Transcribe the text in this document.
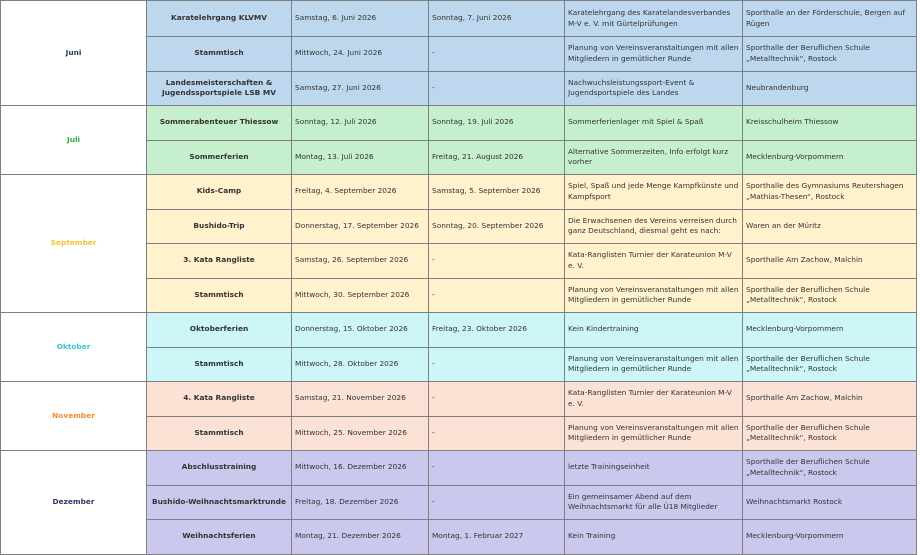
Juni	Karatelehrgang KLVMV	Samstag, 6. Juni 2026	Sonntag, 7. Juni 2026	Karatelehrgang des Karatelandesverbandes M-V e. V. mit Gürtelprüfungen	Sporthalle an der Förderschule, Bergen auf Rügen
	Stammtisch	Mittwoch, 24. Juni 2026	-	Planung von Vereinsveranstaltungen mit allen Mitgliedern in gemütlicher Runde	Sporthalle der Beruflichen Schule „Metalltechnik“, Rostock
	Landesmeisterschaften & Jugendssportspiele LSB MV	Samstag, 27. Juni 2026	-	Nachwuchsleistungssport-Event & Jugendsportspiele des Landes	Neubrandenburg
Juli	Sommerabenteuer Thiessow	Sonntag, 12. Juli 2026	Sonntag, 19. Juli 2026	Sommerferienlager mit Spiel & Spaß	Kreisschulheim Thiessow
	Sommerferien	Montag, 13. Juli 2026	Freitag, 21. August 2026	Alternative Sommerzeiten, Info erfolgt kurz vorher	Mecklenburg-Vorpommern
September	Kids-Camp	Freitag, 4. September 2026	Samstag, 5. September 2026	Spiel, Spaß und jede Menge Kampfkünste und Kampfsport	Sporthalle des Gymnasiums Reutershagen „Mathias-Thesen“, Rostock
	Bushido-Trip	Donnerstag, 17. September 2026	Sonntag, 20. September 2026	Die Erwachsenen des Vereins verreisen durch ganz Deutschland, diesmal geht es nach:	Waren an der Müritz
	3. Kata Rangliste	Samstag, 26. September 2026	-	Kata-Ranglisten Turnier der Karateunion M-V e. V.	Sporthalle Am Zachow, Malchin
	Stammtisch	Mittwoch, 30. September 2026	-	Planung von Vereinsveranstaltungen mit allen Mitgliedern in gemütlicher Runde	Sporthalle der Beruflichen Schule „Metalltechnik“, Rostock
Oktober	Oktoberferien	Donnerstag, 15. Oktober 2026	Freitag, 23. Oktober 2026	Kein Kindertraining	Mecklenburg-Vorpommern
	Stammtisch	Mittwoch, 28. Oktober 2026	-	Planung von Vereinsveranstaltungen mit allen Mitgliedern in gemütlicher Runde	Sporthalle der Beruflichen Schule „Metalltechnik“, Rostock
November	4. Kata Rangliste	Samstag, 21. November 2026	-	Kata-Ranglisten Turnier der Karateunion M-V e. V.	Sporthalle Am Zachow, Malchin
	Stammtisch	Mittwoch, 25. November 2026	-	Planung von Vereinsveranstaltungen mit allen Mitgliedern in gemütlicher Runde	Sporthalle der Beruflichen Schule „Metalltechnik“, Rostock
Dezember	Abschlusstraining	Mittwoch, 16. Dezember 2026	-	letzte Trainingseinheit	Sporthalle der Beruflichen Schule „Metalltechnik“, Rostock
	Bushido-Weihnachtsmarktrunde	Freitag, 18. Dezember 2026	-	Ein gemeinsamer Abend auf dem Weihnachtsmarkt für alle Ü18 Mitglieder	Weihnachtsmarkt Rostock
	Weihnachtsferien	Montag, 21. Dezember 2026	Montag, 1. Februar 2027	Kein Training	Mecklenburg-Vorpommern
